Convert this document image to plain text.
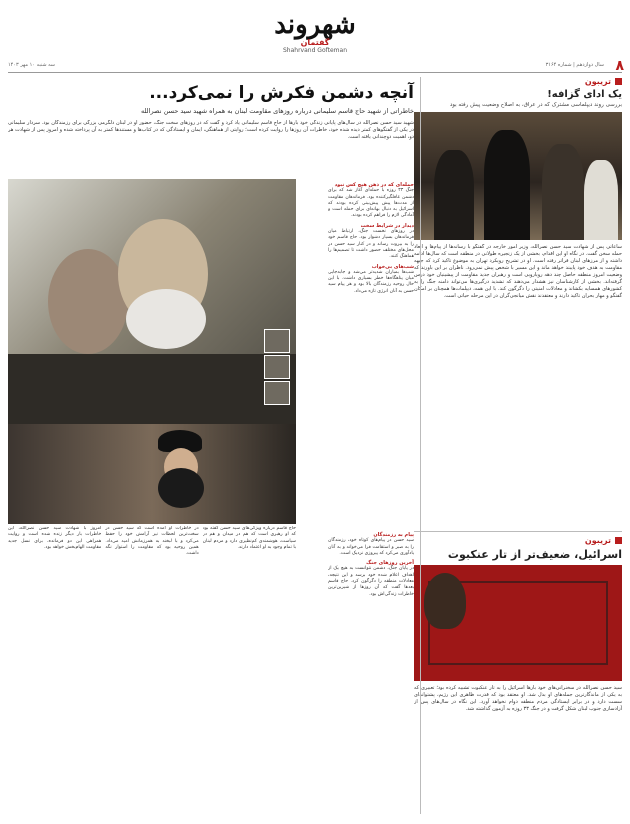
۸
سال دوازدهم | شماره ۳۱۶۴
شهروند
گفتمان
Shahrvand Gofteman
سه شنبه ۱۰ مهر ۱۴۰۳
تریبون
یک ادای گزافه!
بررسی روند دیپلماسی مشترک که در عراق، به اصلاح وضعیت پیش رفته بود
ساعاتی پس از شهادت سید حسن نصرالله، وزیر امور خارجه در گفتگو با رسانه‌ها از پیام‌ها و ابعاد حمله سخن گفت. در نگاه او این اقدام، بخشی از یک زنجیره طولانی در منطقه است که سال‌ها ادامه داشته و از مرزهای لبنان فراتر رفته است. او در تشریح رویکرد تهران به موضوع تاکید کرد که جبهه مقاومت به هدف خود پایبند خواهد ماند و این مسیر با شخص پیش نمی‌رود. ناظران بر این باورند که وضعیت امروز منطقه حاصل چند دهه رویارویی است و رهبران جدید مقاومت از پیشینیان خود درس گرفته‌اند. بخشی از کارشناسان نیز هشدار می‌دهند که تشدید درگیری‌ها می‌تواند دامنه جنگ را به کشورهای همسایه بکشاند و معادلات امنیتی را دگرگون کند. با این همه، دیپلمات‌ها همچنان بر امکان گفتگو و مهار بحران تاکید دارند و معتقدند نقش میانجی‌گران در این مرحله حیاتی است.
تریبون
اسرائیل، ضعیف‌تر از تار عنکبوت
سید حسن نصرالله در سخنرانی‌های خود بارها اسرائیل را به تار عنکبوت تشبیه کرده بود؛ تعبیری که به یکی از ماندگارترین جمله‌های او بدل شد. او معتقد بود که قدرت ظاهری این رژیم، پشتوانه‌ای سست دارد و در برابر ایستادگی مردم منطقه دوام نخواهد آورد. این نگاه در سال‌های پس از آزادسازی جنوب لبنان شکل گرفت و در جنگ ۳۳ روزه به آزمون گذاشته شد.
آنچه دشمن فکرش را نمی‌کرد...
خاطراتی از شهید حاج قاسم سلیمانی درباره روزهای مقاومت لبنان به همراه شهید سید حسن نصرالله
شهید سید حسن نصرالله در سال‌های پایانی زندگی خود بارها از حاج قاسم سلیمانی یاد کرد و گفت که در روزهای سخت جنگ، حضور او در لبنان دلگرمی بزرگی برای رزمندگان بود. سردار سلیمانی در یکی از گفتگوهای کمتر دیده شده خود، خاطرات آن روزها را روایت کرده است؛ روایتی از هماهنگی، ایمان و ایستادگی که در کتاب‌ها و مستندها کمتر به آن پرداخته شده و امروز پس از شهادت هر دو، اهمیت دوچندانی یافته است.
حمله‌ای که در ذهن هیچ کس نبود
جنگ ۳۳ روزه با حمله‌ای آغاز شد که برای دشمن غافلگیرکننده بود. فرماندهان مقاومت از مدت‌ها پیش پیش‌بینی کرده بودند که اسرائیل به دنبال بهانه‌ای برای حمله است و آمادگی لازم را فراهم کرده بودند.
دیدار در شرایط سخت
در روزهای نخست جنگ، ارتباط میان فرماندهان بسیار دشوار بود. حاج قاسم خود را به بیروت رساند و در کنار سید حسن در محل‌های مختلف حضور داشت تا تصمیم‌ها را هماهنگ کنند.
شب‌های بی‌خواب
شب‌ها بمباران شدیدتر می‌شد و جابه‌جایی میان پناهگاه‌ها خطر بسیاری داشت. با این حال روحیه رزمندگان بالا بود و هر پیام سید حسن به آنان انرژی تازه می‌داد.
حاج قاسم درباره ویژگی‌های سید حسن گفته بود که او رهبری است که هم در میدان و هم در سیاست، هوشمندی کم‌نظیری دارد و مردم لبنان با تمام وجود به او اعتماد دارند.
در خاطرات او آمده است که سید حسن در سخت‌ترین لحظات نیز آرامش خود را حفظ می‌کرد و با لبخند به همرزمانش امید می‌داد. همین روحیه بود که مقاومت را استوار نگه داشت.
امروز با شهادت سید حسن نصرالله، این خاطرات بار دیگر زنده شده است و روایت همراهی این دو فرمانده، برای نسل جدید مقاومت الهام‌بخش خواهد بود.
پیام به رزمندگان
سید حسن در پیام‌های کوتاه خود، رزمندگان را به صبر و استقامت فرا می‌خواند و به آنان یادآوری می‌کرد که پیروزی نزدیک است.
آخرین روزهای جنگ
در پایان جنگ، دشمن نتوانست به هیچ یک از اهداف اعلام شده خود برسد و این نتیجه، معادلات منطقه را دگرگون کرد. حاج قاسم بعدها گفت که آن روزها از شیرین‌ترین خاطرات زندگی‌اش بود.
